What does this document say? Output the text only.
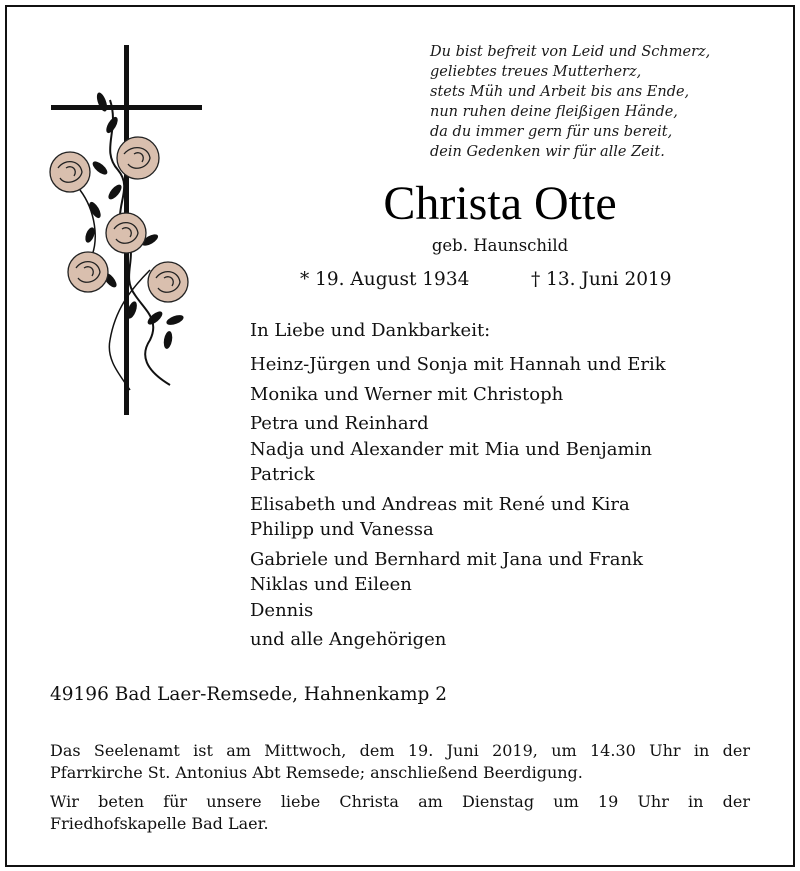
Du bist befreit von Leid und Schmerz,
geliebtes treues Mutterherz,
stets Müh und Arbeit bis ans Ende,
nun ruhen deine fleißigen Hände,
da du immer gern für uns bereit,
dein Gedenken wir für alle Zeit.
Christa Otte
geb. Haunschild
* 19. August 1934	† 13. Juni 2019
In Liebe und Dankbarkeit:
Heinz-Jürgen und Sonja mit Hannah und Erik
Monika und Werner mit Christoph
Petra und Reinhard
Nadja und Alexander mit Mia und Benjamin
Patrick
Elisabeth und Andreas mit René und Kira
Philipp und Vanessa
Gabriele und Bernhard mit Jana und Frank
Niklas und Eileen
Dennis
und alle Angehörigen
49196 Bad Laer-Remsede, Hahnenkamp 2
Das Seelenamt ist am Mittwoch, dem 19. Juni 2019, um 14.30 Uhr in der
Pfarrkirche St. Antonius Abt Remsede; anschließend Beerdigung.
Wir beten für unsere liebe Christa am Dienstag um 19 Uhr in der
Friedhofskapelle Bad Laer.
